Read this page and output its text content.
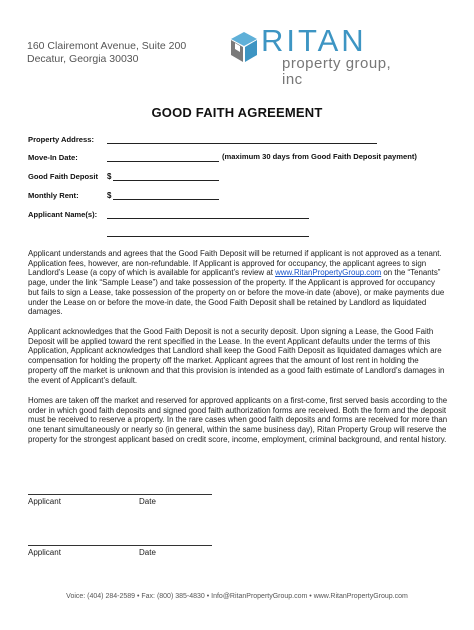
160 Clairemont Avenue, Suite 200
Decatur, Georgia 30030
RITAN
property group, inc
GOOD FAITH AGREEMENT
Property Address:
Move-In Date:	(maximum 30 days from Good Faith Deposit payment)
Good Faith Deposit $
Monthly Rent:	$
Applicant Name(s):
Applicant understands and agrees that the Good Faith Deposit will be returned if applicant is not approved as a tenant. Application fees, however, are non-refundable. If Applicant is approved for occupancy, the applicant agrees to sign Landlord’s Lease (a copy of which is available for applicant’s review at www.RitanPropertyGroup.com on the “Tenants” page, under the link “Sample Lease”) and take possession of the property. If the Applicant is approved for occupancy but fails to sign a Lease, take possession of the property on or before the move-in date (above), or make payments due under the Lease on or before the move-in date, the Good Faith Deposit shall be retained by Landlord as liquidated damages.
Applicant acknowledges that the Good Faith Deposit is not a security deposit. Upon signing a Lease, the Good Faith Deposit will be applied toward the rent specified in the Lease. In the event Applicant defaults under the terms of this Application, Applicant acknowledges that Landlord shall keep the Good Faith Deposit as liquidated damages which are compensation for holding the property off the market. Applicant agrees that the amount of lost rent in holding the property off the market is unknown and that this provision is intended as a good faith estimate of Landlord’s damages in the event of Applicant’s default.
Homes are taken off the market and reserved for approved applicants on a first-come, first served basis according to the order in which good faith deposits and signed good faith authorization forms are received. Both the form and the deposit must be received to reserve a property. In the rare cases when good faith deposits and forms are received for more than one tenant simultaneously or nearly so (in general, within the same business day), Ritan Property Group will reserve the property for the strongest applicant based on credit score, income, employment, criminal background, and rental history.
Applicant	Date
Applicant	Date
Voice: (404) 284-2589 • Fax: (800) 385-4830 • Info@RitanPropertyGroup.com • www.RitanPropertyGroup.com
